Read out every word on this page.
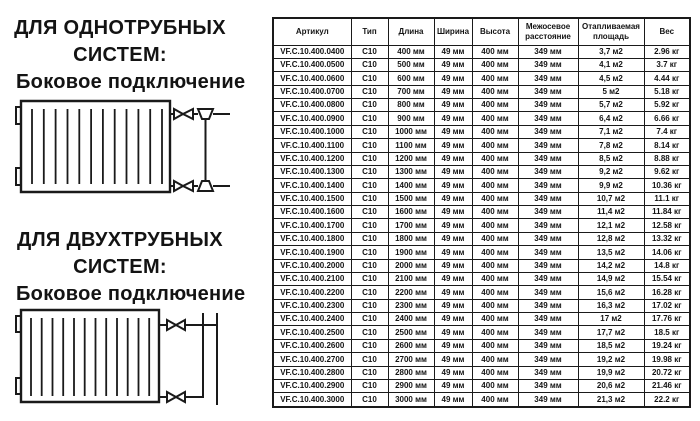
ДЛЯ ОДНОТРУБНЫХ
СИСТЕМ:
Боковое подключение
ДЛЯ ДВУХТРУБНЫХ
СИСТЕМ:
Боковое подключение
Артикул	Тип	Длина	Ширина	Высота	Межосевое расстояние	Отапливаемая площадь	Вес
VF.C.10.400.0400	C10	400 мм	49 мм	400 мм	349 мм	3,7 м2	2.96 кг
VF.C.10.400.0500	C10	500 мм	49 мм	400 мм	349 мм	4,1 м2	3.7 кг
VF.C.10.400.0600	C10	600 мм	49 мм	400 мм	349 мм	4,5 м2	4.44 кг
VF.C.10.400.0700	C10	700 мм	49 мм	400 мм	349 мм	5 м2	5.18 кг
VF.C.10.400.0800	C10	800 мм	49 мм	400 мм	349 мм	5,7 м2	5.92 кг
VF.C.10.400.0900	C10	900 мм	49 мм	400 мм	349 мм	6,4 м2	6.66 кг
VF.C.10.400.1000	C10	1000 мм	49 мм	400 мм	349 мм	7,1 м2	7.4 кг
VF.C.10.400.1100	C10	1100 мм	49 мм	400 мм	349 мм	7,8 м2	8.14 кг
VF.C.10.400.1200	C10	1200 мм	49 мм	400 мм	349 мм	8,5 м2	8.88 кг
VF.C.10.400.1300	C10	1300 мм	49 мм	400 мм	349 мм	9,2 м2	9.62 кг
VF.C.10.400.1400	C10	1400 мм	49 мм	400 мм	349 мм	9,9 м2	10.36 кг
VF.C.10.400.1500	C10	1500 мм	49 мм	400 мм	349 мм	10,7 м2	11.1 кг
VF.C.10.400.1600	C10	1600 мм	49 мм	400 мм	349 мм	11,4 м2	11.84 кг
VF.C.10.400.1700	C10	1700 мм	49 мм	400 мм	349 мм	12,1 м2	12.58 кг
VF.C.10.400.1800	C10	1800 мм	49 мм	400 мм	349 мм	12,8 м2	13.32 кг
VF.C.10.400.1900	C10	1900 мм	49 мм	400 мм	349 мм	13,5 м2	14.06 кг
VF.C.10.400.2000	C10	2000 мм	49 мм	400 мм	349 мм	14,2 м2	14.8 кг
VF.C.10.400.2100	C10	2100 мм	49 мм	400 мм	349 мм	14,9 м2	15.54 кг
VF.C.10.400.2200	C10	2200 мм	49 мм	400 мм	349 мм	15,6 м2	16.28 кг
VF.C.10.400.2300	C10	2300 мм	49 мм	400 мм	349 мм	16,3 м2	17.02 кг
VF.C.10.400.2400	C10	2400 мм	49 мм	400 мм	349 мм	17 м2	17.76 кг
VF.C.10.400.2500	C10	2500 мм	49 мм	400 мм	349 мм	17,7 м2	18.5 кг
VF.C.10.400.2600	C10	2600 мм	49 мм	400 мм	349 мм	18,5 м2	19.24 кг
VF.C.10.400.2700	C10	2700 мм	49 мм	400 мм	349 мм	19,2 м2	19.98 кг
VF.C.10.400.2800	C10	2800 мм	49 мм	400 мм	349 мм	19,9 м2	20.72 кг
VF.C.10.400.2900	C10	2900 мм	49 мм	400 мм	349 мм	20,6 м2	21.46 кг
VF.C.10.400.3000	C10	3000 мм	49 мм	400 мм	349 мм	21,3 м2	22.2 кг
